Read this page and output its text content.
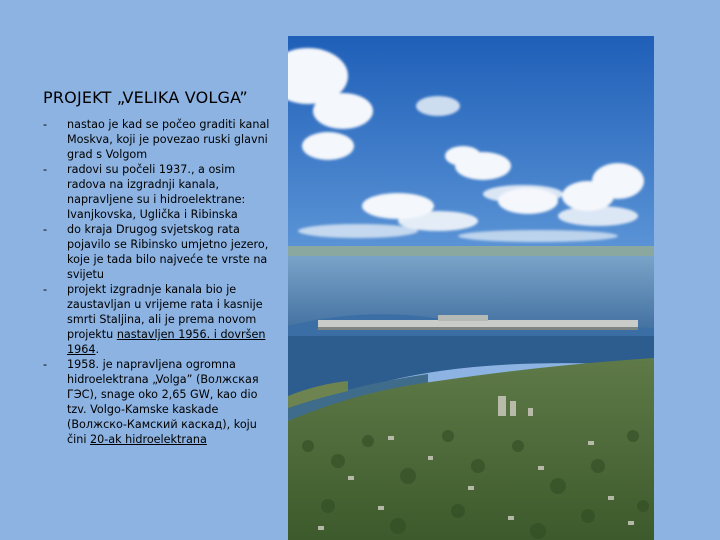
PROJEKT „VELIKA VOLGA”
- nastao je kad se počeo graditi kanal Moskva, koji je povezao ruski glavni grad s Volgom
- radovi su počeli 1937., a osim radova na izgradnji kanala, napravljene su i hidroelektrane: Ivanjkovska, Uglička i Ribinska
- do kraja Drugog svjetskog rata pojavilo se Ribinsko umjetno jezero, koje je tada bilo najveće te vrste na svijetu
- projekt izgradnje kanala bio je zaustavljan u vrijeme rata i kasnije smrti Staljina, ali je prema novom projektu nastavljen 1956. i dovršen 1964.
- 1958. je napravljena ogromna hidroelektrana „Volga” (Волжская ГЭС), snage oko 2,65 GW, kao dio tzv. Volgo-Kamske kaskade (Волжско-Камский каскад), koju čini 20-ak hidroelektrana
